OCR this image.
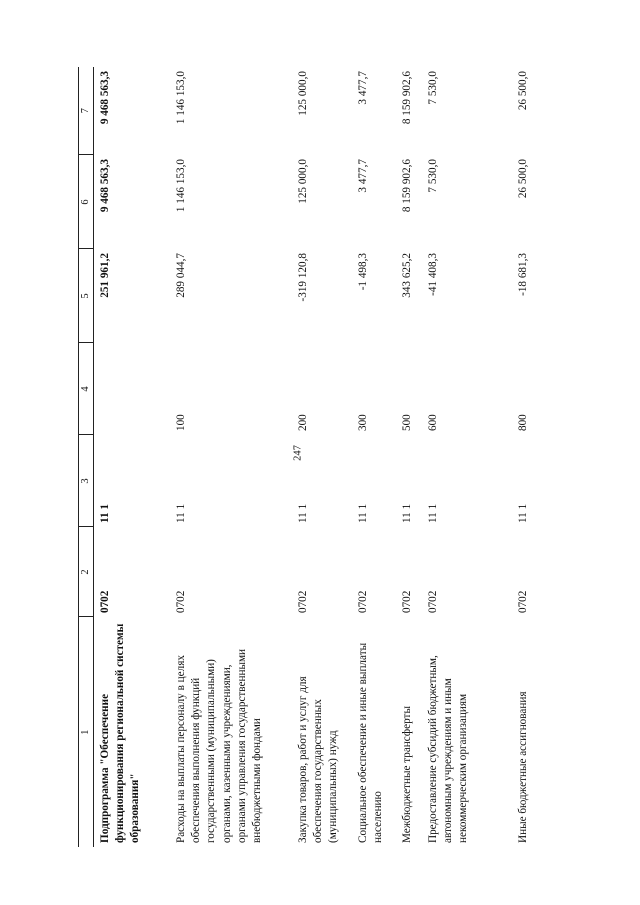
247
1	2	3	4	5	6	7
Подпрограмма "Обеспечение функционирования региональной системы образования"	0702	11 1		251 961,2	9 468 563,3	9 468 563,3
Расходы на выплаты персоналу в целях обеспечения выполнения функций государственными (муниципальными) органами, казенными учреждениями, органами управления государственными внебюджетными фондами	0702	11 1	100	289 044,7	1 146 153,0	1 146 153,0
Закупка товаров, работ и услуг для обеспечения государственных (муниципальных) нужд	0702	11 1	200	-319 120,8	125 000,0	125 000,0
Социальное обеспечение и иные выплаты населению	0702	11 1	300	-1 498,3	3 477,7	3 477,7
Межбюджетные трансферты	0702	11 1	500	343 625,2	8 159 902,6	8 159 902,6
Предоставление субсидий бюджетным, автономным учреждениям и иным некоммерческим организациям	0702	11 1	600	-41 408,3	7 530,0	7 530,0
Иные бюджетные ассигнования	0702	11 1	800	-18 681,3	26 500,0	26 500,0
